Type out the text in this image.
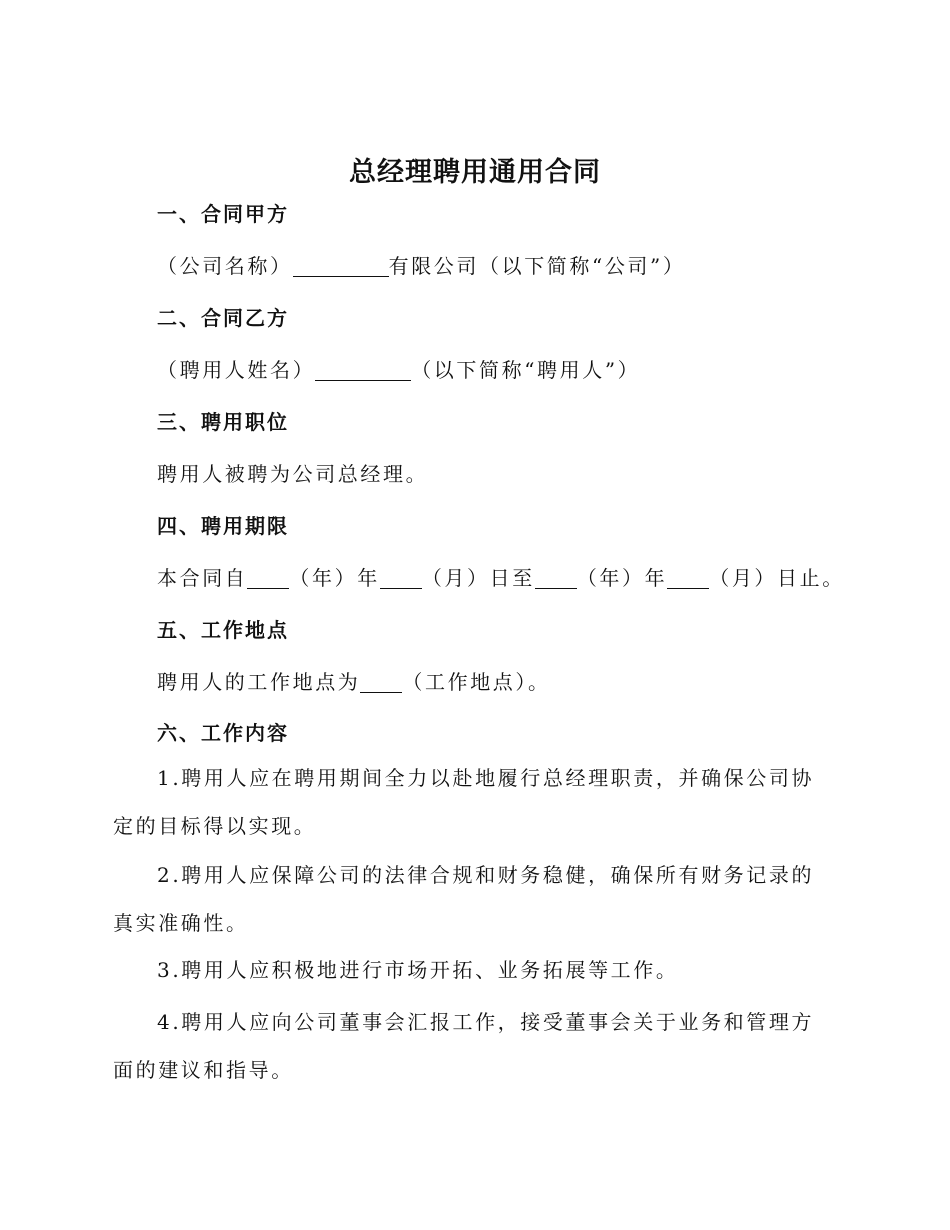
总经理聘用通用合同
一、合同甲方
（公司名称）	有限公司（以下简称“公司”）
二、合同乙方
（聘用人姓名）	（以下简称“聘用人”）
三、聘用职位
聘用人被聘为公司总经理。
四、聘用期限
本合同自 （年）年 （月）日至 （年）年 （月）日止。
五、工作地点
聘用人的工作地点为 （工作地点）。
六、工作内容
1.聘用人应在聘用期间全力以赴地履行总经理职责，并确保公司协定的目标得以实现。
2.聘用人应保障公司的法律合规和财务稳健，确保所有财务记录的真实准确性。
3.聘用人应积极地进行市场开拓、业务拓展等工作。
4.聘用人应向公司董事会汇报工作，接受董事会关于业务和管理方面的建议和指导。
